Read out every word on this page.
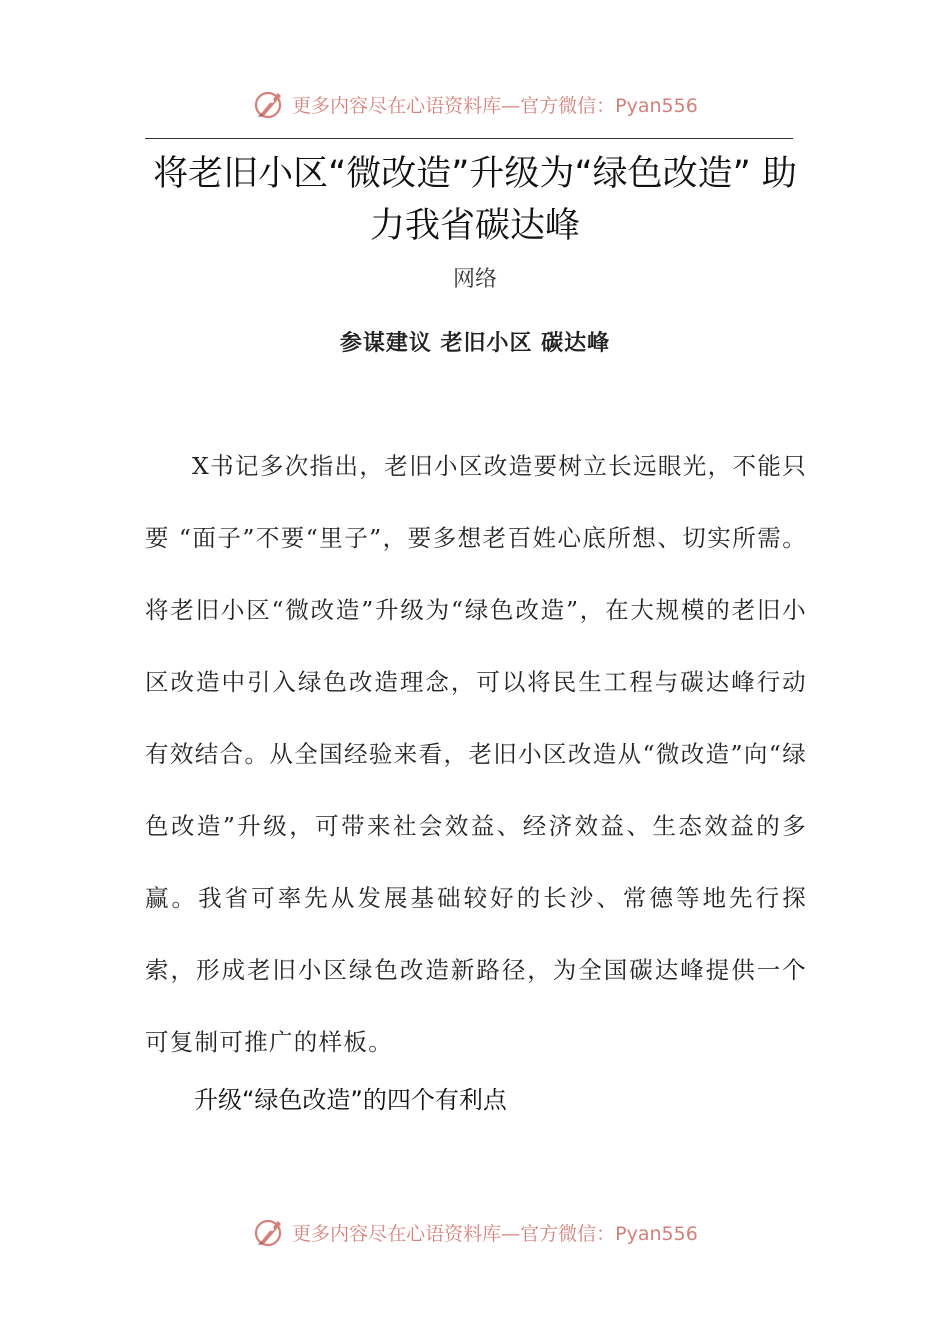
更多内容尽在心语资料库—官方微信：Pyan556
将老旧小区“微改造”升级为“绿色改造” 助力我省碳达峰
网络
参谋建议 老旧小区 碳达峰

X书记多次指出，老旧小区改造要树立长远眼光，不能只要 “面子”不要“里子”，要多想老百姓心底所想、切实所需。将老旧小区“微改造”升级为“绿色改造”，在大规模的老旧小区改造中引入绿色改造理念，可以将民生工程与碳达峰行动有效结合。从全国经验来看，老旧小区改造从“微改造”向“绿色改造”升级，可带来社会效益、经济效益、生态效益的多赢。我省可率先从发展基础较好的长沙、常德等地先行探索，形成老旧小区绿色改造新路径，为全国碳达峰提供一个可复制可推广的样板。

升级“绿色改造”的四个有利点
更多内容尽在心语资料库—官方微信：Pyan556
